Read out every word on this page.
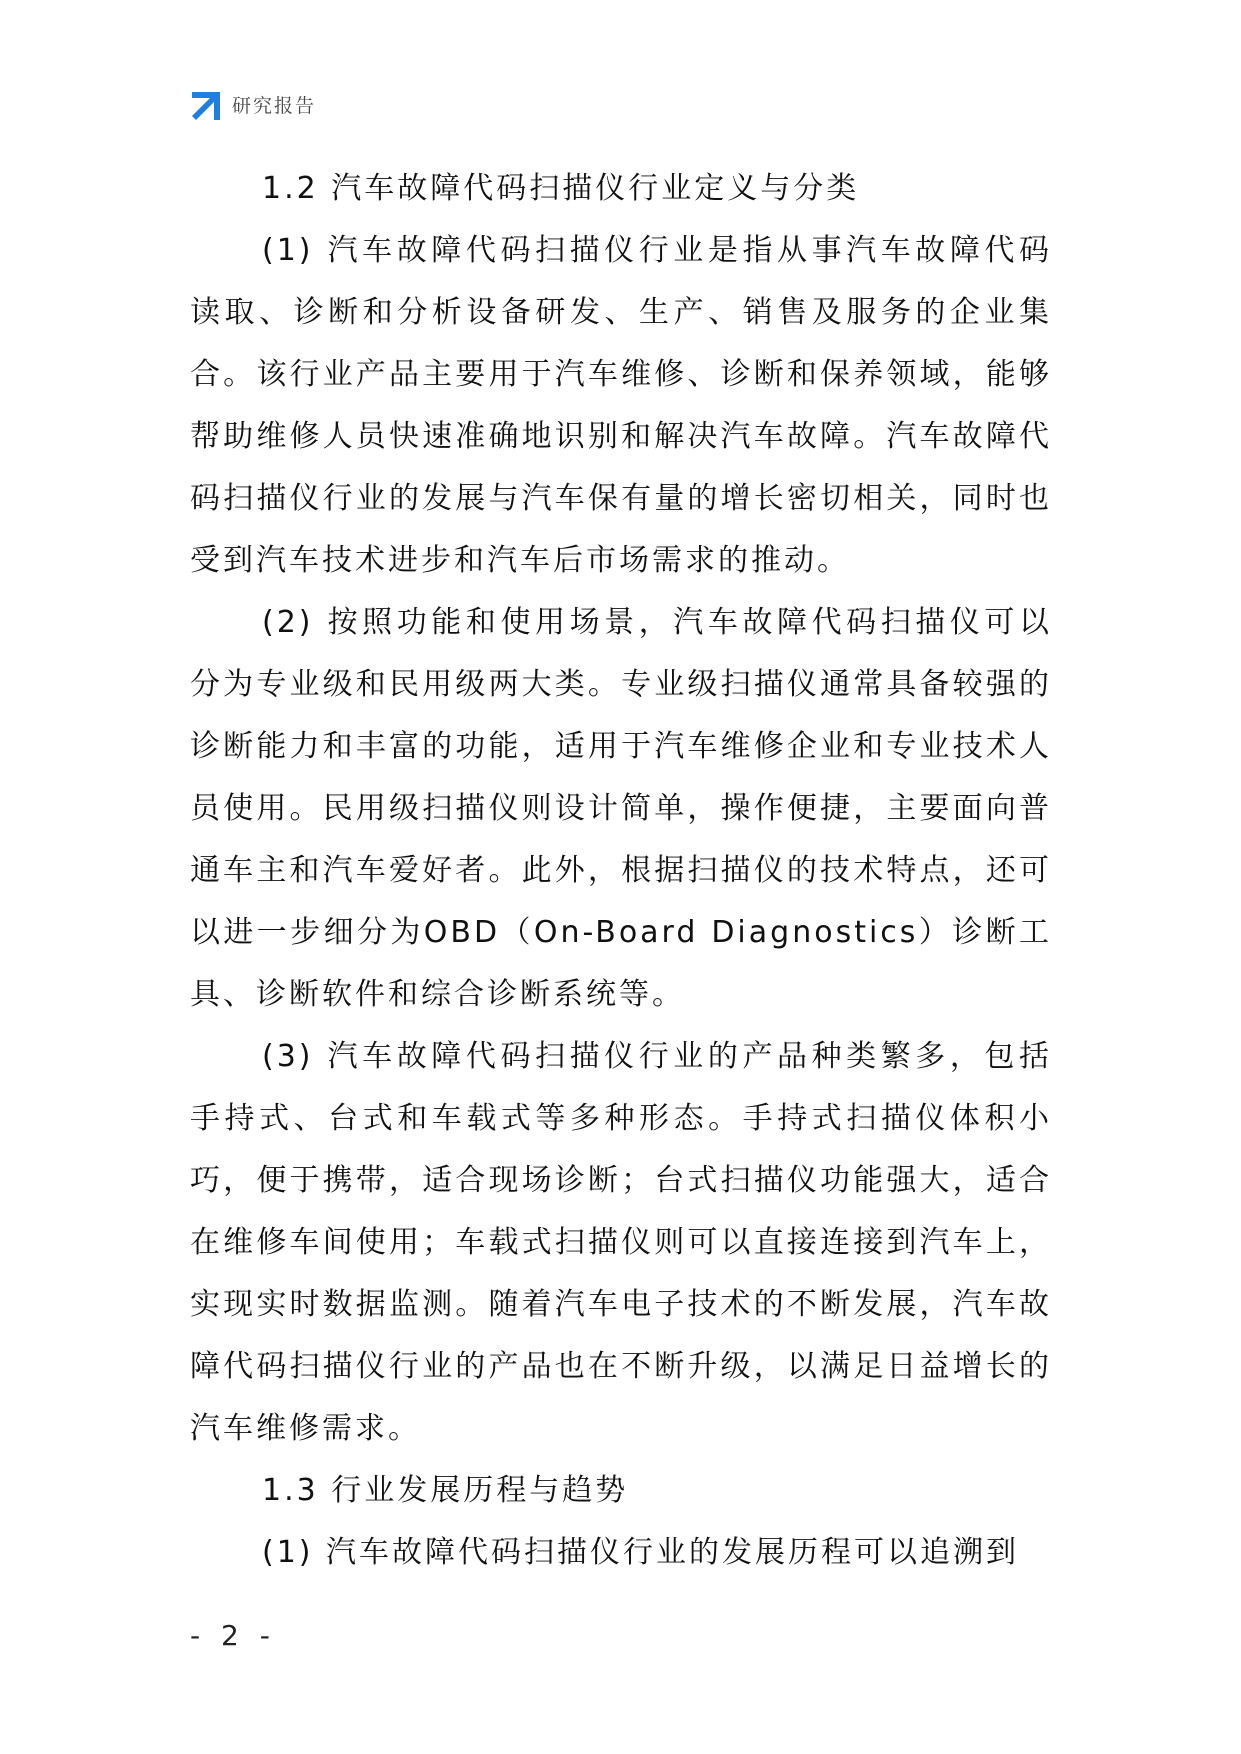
研究报告
1.2 汽车故障代码扫描仪行业定义与分类

(1) 汽车故障代码扫描仪行业是指从事汽车故障代码读取、诊断和分析设备研发、生产、销售及服务的企业集合。该行业产品主要用于汽车维修、诊断和保养领域，能够帮助维修人员快速准确地识别和解决汽车故障。汽车故障代码扫描仪行业的发展与汽车保有量的增长密切相关，同时也受到汽车技术进步和汽车后市场需求的推动。

(2) 按照功能和使用场景，汽车故障代码扫描仪可以分为专业级和民用级两大类。专业级扫描仪通常具备较强的诊断能力和丰富的功能，适用于汽车维修企业和专业技术人员使用。民用级扫描仪则设计简单，操作便捷，主要面向普通车主和汽车爱好者。此外，根据扫描仪的技术特点，还可以进一步细分为OBD（On-Board Diagnostics）诊断工具、诊断软件和综合诊断系统等。

(3) 汽车故障代码扫描仪行业的产品种类繁多，包括手持式、台式和车载式等多种形态。手持式扫描仪体积小巧，便于携带，适合现场诊断；台式扫描仪功能强大，适合在维修车间使用；车载式扫描仪则可以直接连接到汽车上，实现实时数据监测。随着汽车电子技术的不断发展，汽车故障代码扫描仪行业的产品也在不断升级，以满足日益增长的汽车维修需求。

1.3 行业发展历程与趋势

(1) 汽车故障代码扫描仪行业的发展历程可以追溯到

- 2 -
